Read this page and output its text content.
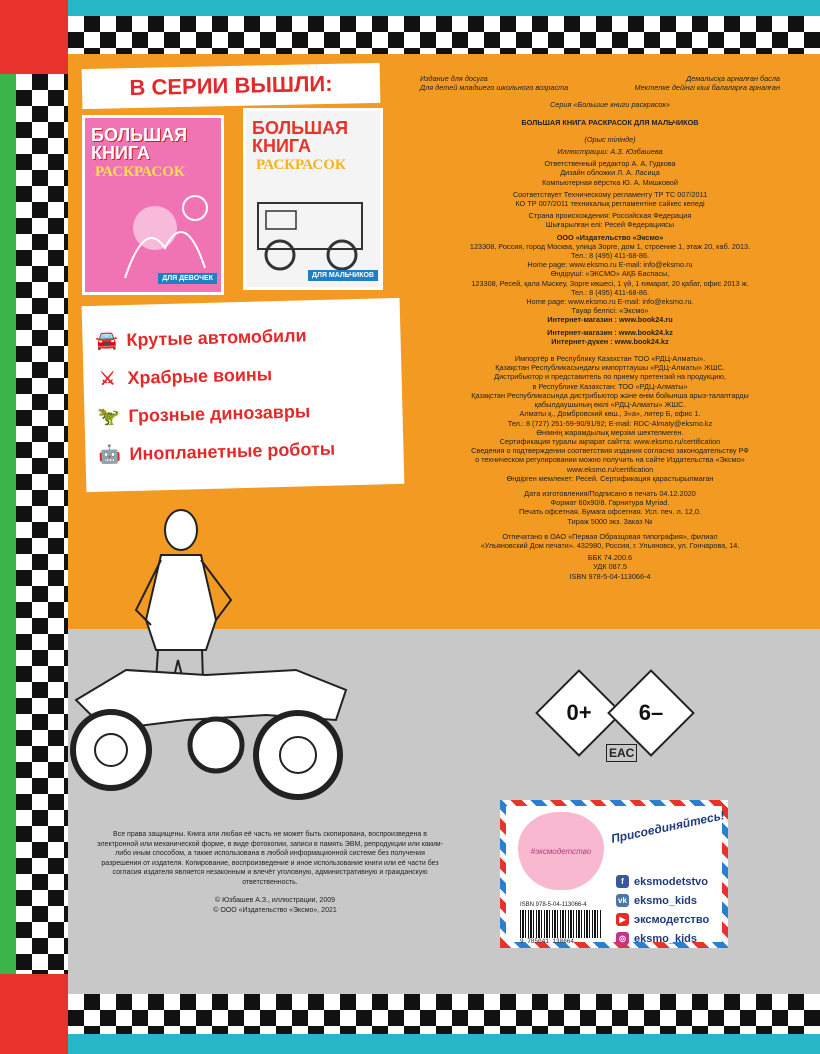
В СЕРИИ ВЫШЛИ:
БОЛЬШАЯ КНИГА
РАСКРАСОК
ДЛЯ ДЕВОЧЕК
БОЛЬШАЯ КНИГА
РАСКРАСОК
ДЛЯ МАЛЬЧИКОВ
🚘 Крутые автомобили
⚔ Храбрые воины
🦖 Грозные динозавры
🤖 Инопланетные роботы
Издание для досуга	Демалысқа арналған басла
Для детей младшего школьного возраста	Мектепке дейінгі кіші балаларға арналған
Серия «Большие книги раскрасок»
БОЛЬШАЯ КНИГА РАСКРАСОК ДЛЯ МАЛЬЧИКОВ
(Орыс тілінде)
Иллюстрации: А.З. Юзбашева
Ответственный редактор А. А. Гудкова
Дизайн обложки Л. А. Ласица
Компьютерная вёрстка Ю. А. Мишковой
Соответствует Техническому регламенту ТР ТС 007/2011
КО ТР 007/2011 техникалық регламентіне сәйкес келеді
Страна происхождения: Российская Федерация
Шығарылған елі: Ресей Федерациясы
ООО «Издательство «Эксмо»
123308, Россия, город Москва, улица Зорге, дом 1, строение 1, этаж 20, каб. 2013.
Тел.: 8 (495) 411-68-86.
Home page: www.eksmo.ru E-mail: info@eksmo.ru
Өндіруші: «ЭКСМО» АҚБ Баспасы,
123308, Ресей, қала Мәскеу, Зорге көшесі, 1 үй, 1 ғимарат, 20 қабат, офис 2013 ж.
Тел.: 8 (495) 411-68-86.
Home page: www.eksmo.ru E-mail: info@eksmo.ru.
Тауар белгісі: «Эксмо»
Интернет-магазин : www.book24.ru
Интернет-магазин : www.book24.kz
Интернет-дүкен : www.book24.kz
Импортёр в Республику Казахстан ТОО «РДЦ-Алматы».
Қазақстан Республикасындағы импорттаушы «РДЦ-Алматы» ЖШС.
Дистрибьютор и представитель по приему претензий на продукцию,
в Республике Казахстан: ТОО «РДЦ-Алматы»
Қазақстан Республикасында дистрибьютор және өнім бойынша арыз-талаптарды
қабылдаушының өкілі «РДЦ-Алматы» ЖШС.
Алматы қ., Домбровский көш., 3«а», литер Б, офис 1.
Тел.: 8 (727) 251-59-90/91/92; E-mail: RDC-Almaty@eksmo.kz
Өнімнің жарамдылық мерзімі шектелмеген.
Сертификация туралы ақпарат сайтта: www.eksmo.ru/certification
Сведения о подтверждении соответствия издания согласно законодательству РФ
о техническом регулировании можно получить на сайте Издательства «Эксмо»
www.eksmo.ru/certification
Өндірген мемлекет: Ресей. Сертификация қарастырылмаған
Дата изготовления/Подписано в печать 04.12.2020
Формат 60х90/8. Гарнитура Myriad.
Печать офсетная. Бумага офсетная. Усл. печ. л. 12,0.
Тираж 5000 экз. Заказ №
Отпечатано в ОАО «Первая Образцовая типография», филиал
«Ульяновский Дом печати». 432980, Россия, г. Ульяновск, ул. Гончарова, 14.
ББК 74.200.6
УДК 087.5
ISBN 978-5-04-113066-4
0+	6–
EAC
Все права защищены. Книга или любая её часть не может быть скопирована, воспроизведена в электронной или механической форме, в виде фотокопии, записи в память ЭВМ, репродукции или каким-либо иным способом, а также использована в любой информационной системе без получения разрешения от издателя. Копирование, воспроизведение и иное использование книги или её части без согласия издателя является незаконным и влечёт уголовную, административную и гражданскую ответственность.
© Юзбашев А.З., иллюстрации, 2009
© ООО «Издательство «Эксмо», 2021
#эксмодетство
Присоединяйтесь!
f eksmodetstvo
vk eksmo_kids
▶ эксмодетство
◎ eksmo_kids
ISBN 978-5-04-113066-4
9 785041 130664
BYZON.by
